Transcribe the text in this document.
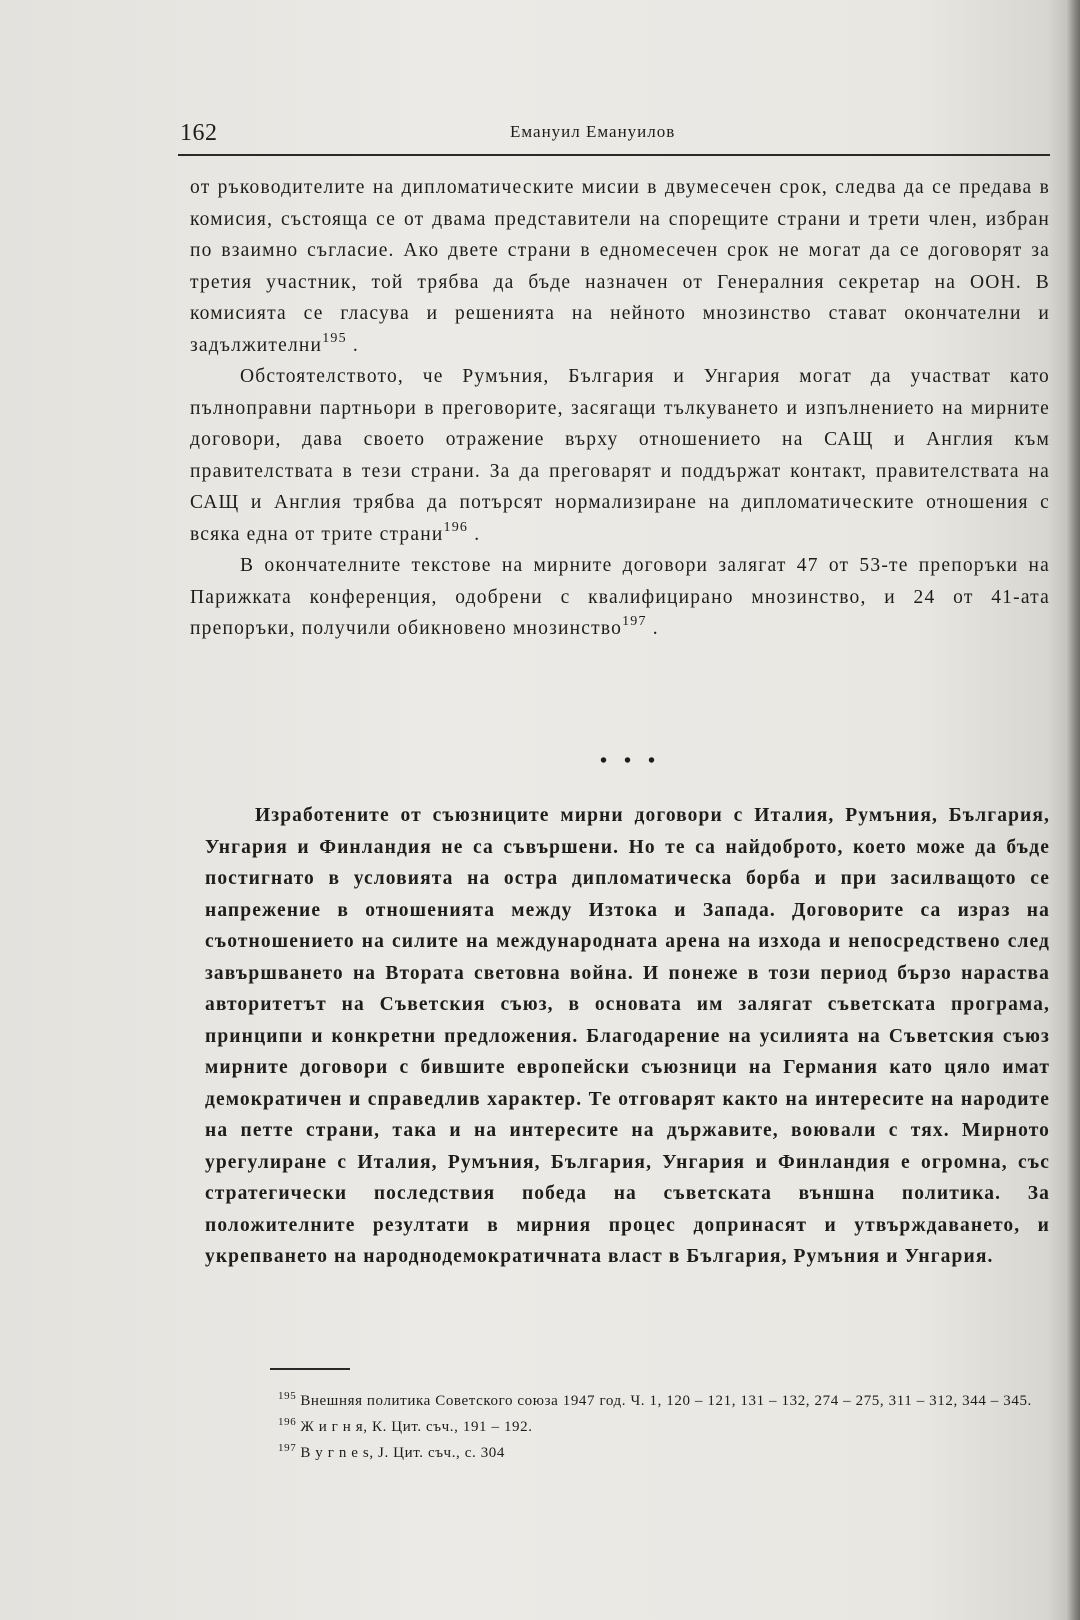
162	Емануил Емануилов

от ръководителите на дипломатическите мисии в двумесечен срок, следва да се предава в комисия, състояща се от двама представители на спорещите страни и трети член, избран по взаимно съгласие. Ако двете страни в едномесечен срок не могат да се договорят за третия участник, той трябва да бъде назначен от Генералния секретар на ООН. В комисията се гласува и решенията на нейното мнозинство стават окончателни и задължителни$^{195}$ .

Обстоятелството, че Румъния, България и Унгария могат да участват като пълноправни партньори в преговорите, засягащи тълкуването и изпълнението на мирните договори, дава своето отражение върху отношението на САЩ и Англия към правителствата в тези страни. За да преговарят и поддържат контакт, правителствата на САЩ и Англия трябва да потърсят нормализиране на дипломатическите отношения с всяка една от трите страни$^{196}$ .

В окончателните текстове на мирните договори залягат 47 от 53-те препоръки на Парижката конференция, одобрени с квалифицирано мнозинство, и 24 от 41-ата препоръки, получили обикновено мнозинство$^{197}$ .

• • •

Изработените от съюзниците мирни договори с Италия, Румъния, България, Унгария и Финландия не са съвършени. Но те са найдоброто, което може да бъде постигнато в условията на остра дипломатическа борба и при засилващото се напрежение в отношенията между Изтока и Запада. Договорите са израз на съотношението на силите на международната арена на изхода и непосредствено след завършването на Втората световна война. И понеже в този период бързо нараства авторитетът на Съветския съюз, в основата им залягат съветската програма, принципи и конкретни предложения. Благодарение на усилията на Съветския съюз мирните договори с бившите европейски съюзници на Германия като цяло имат демократичен и справедлив характер. Те отговарят както на интересите на народите на петте страни, така и на интересите на държавите, воювали с тях. Мирното урегулиране с Италия, Румъния, България, Унгария и Финландия е огромна, със стратегически последствия победа на съветската външна политика. За положителните резултати в мирния процес допринасят и утвърждаването, и укрепването на народнодемократичната власт в България, Румъния и Унгария.

$^{195}$ Внешняя политика Советского союза 1947 год. Ч. 1, 120 – 121, 131 – 132, 274 – 275, 311 – 312, 344 – 345.

$^{196}$ Ж и г н я, К. Цит. съч., 191 – 192.

$^{197}$ В у г n e s, J. Цит. съч., с. 304
